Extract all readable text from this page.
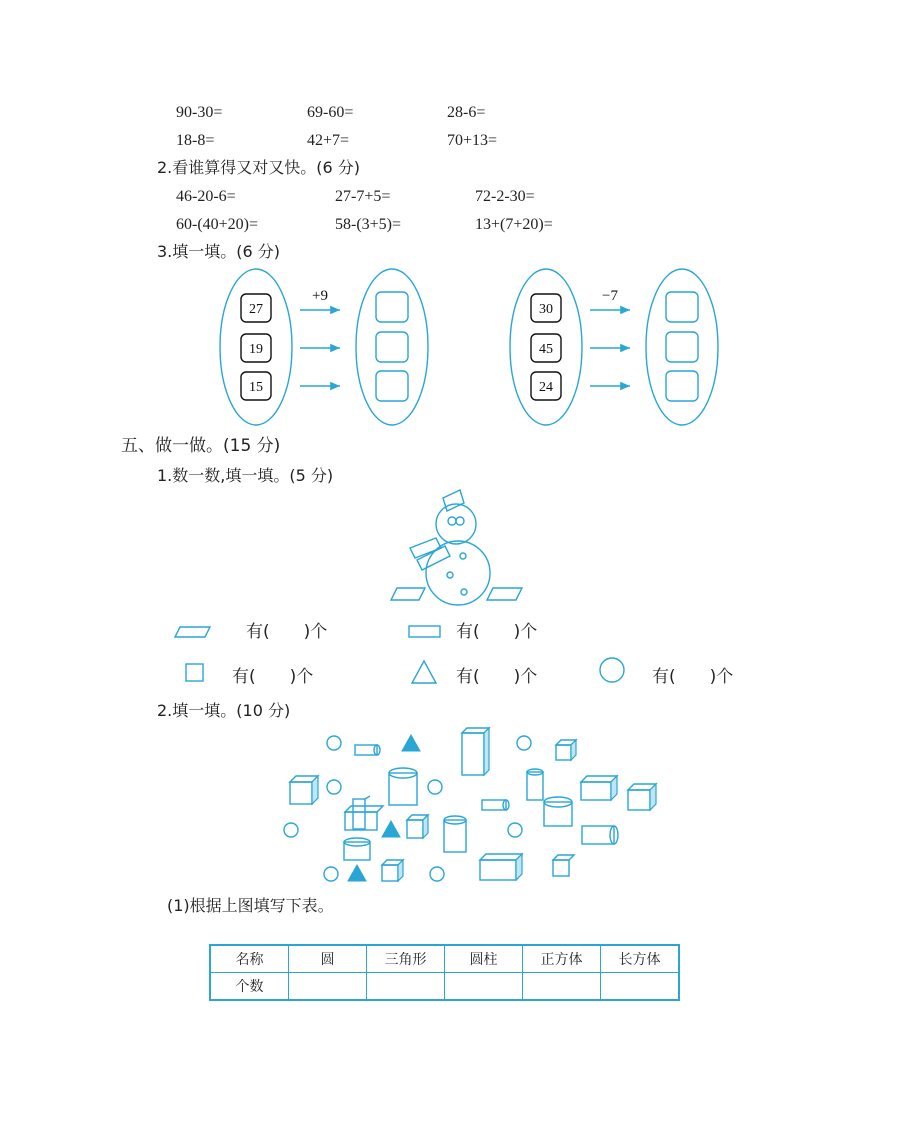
90-30=	69-60=	28-6=
18-8=	42+7=	70+13=
2.看谁算得又对又快。(6 分)
46-20-6=	27-7+5=	72-2-30=
60-(40+20)=	58-(3+5)=	13+(7+20)=
3.填一填。(6 分)
五、做一做。(15 分)
1.数一数,填一填。(5 分)
有(　　)个	有(　　)个
有(　　)个	有(　　)个	有(　　)个
2.填一填。(10 分)
(1)根据上图填写下表。
27
19
15
+9
30
45
24
−7
名称	圆	三角形	圆柱	正方体	长方体
个数					
